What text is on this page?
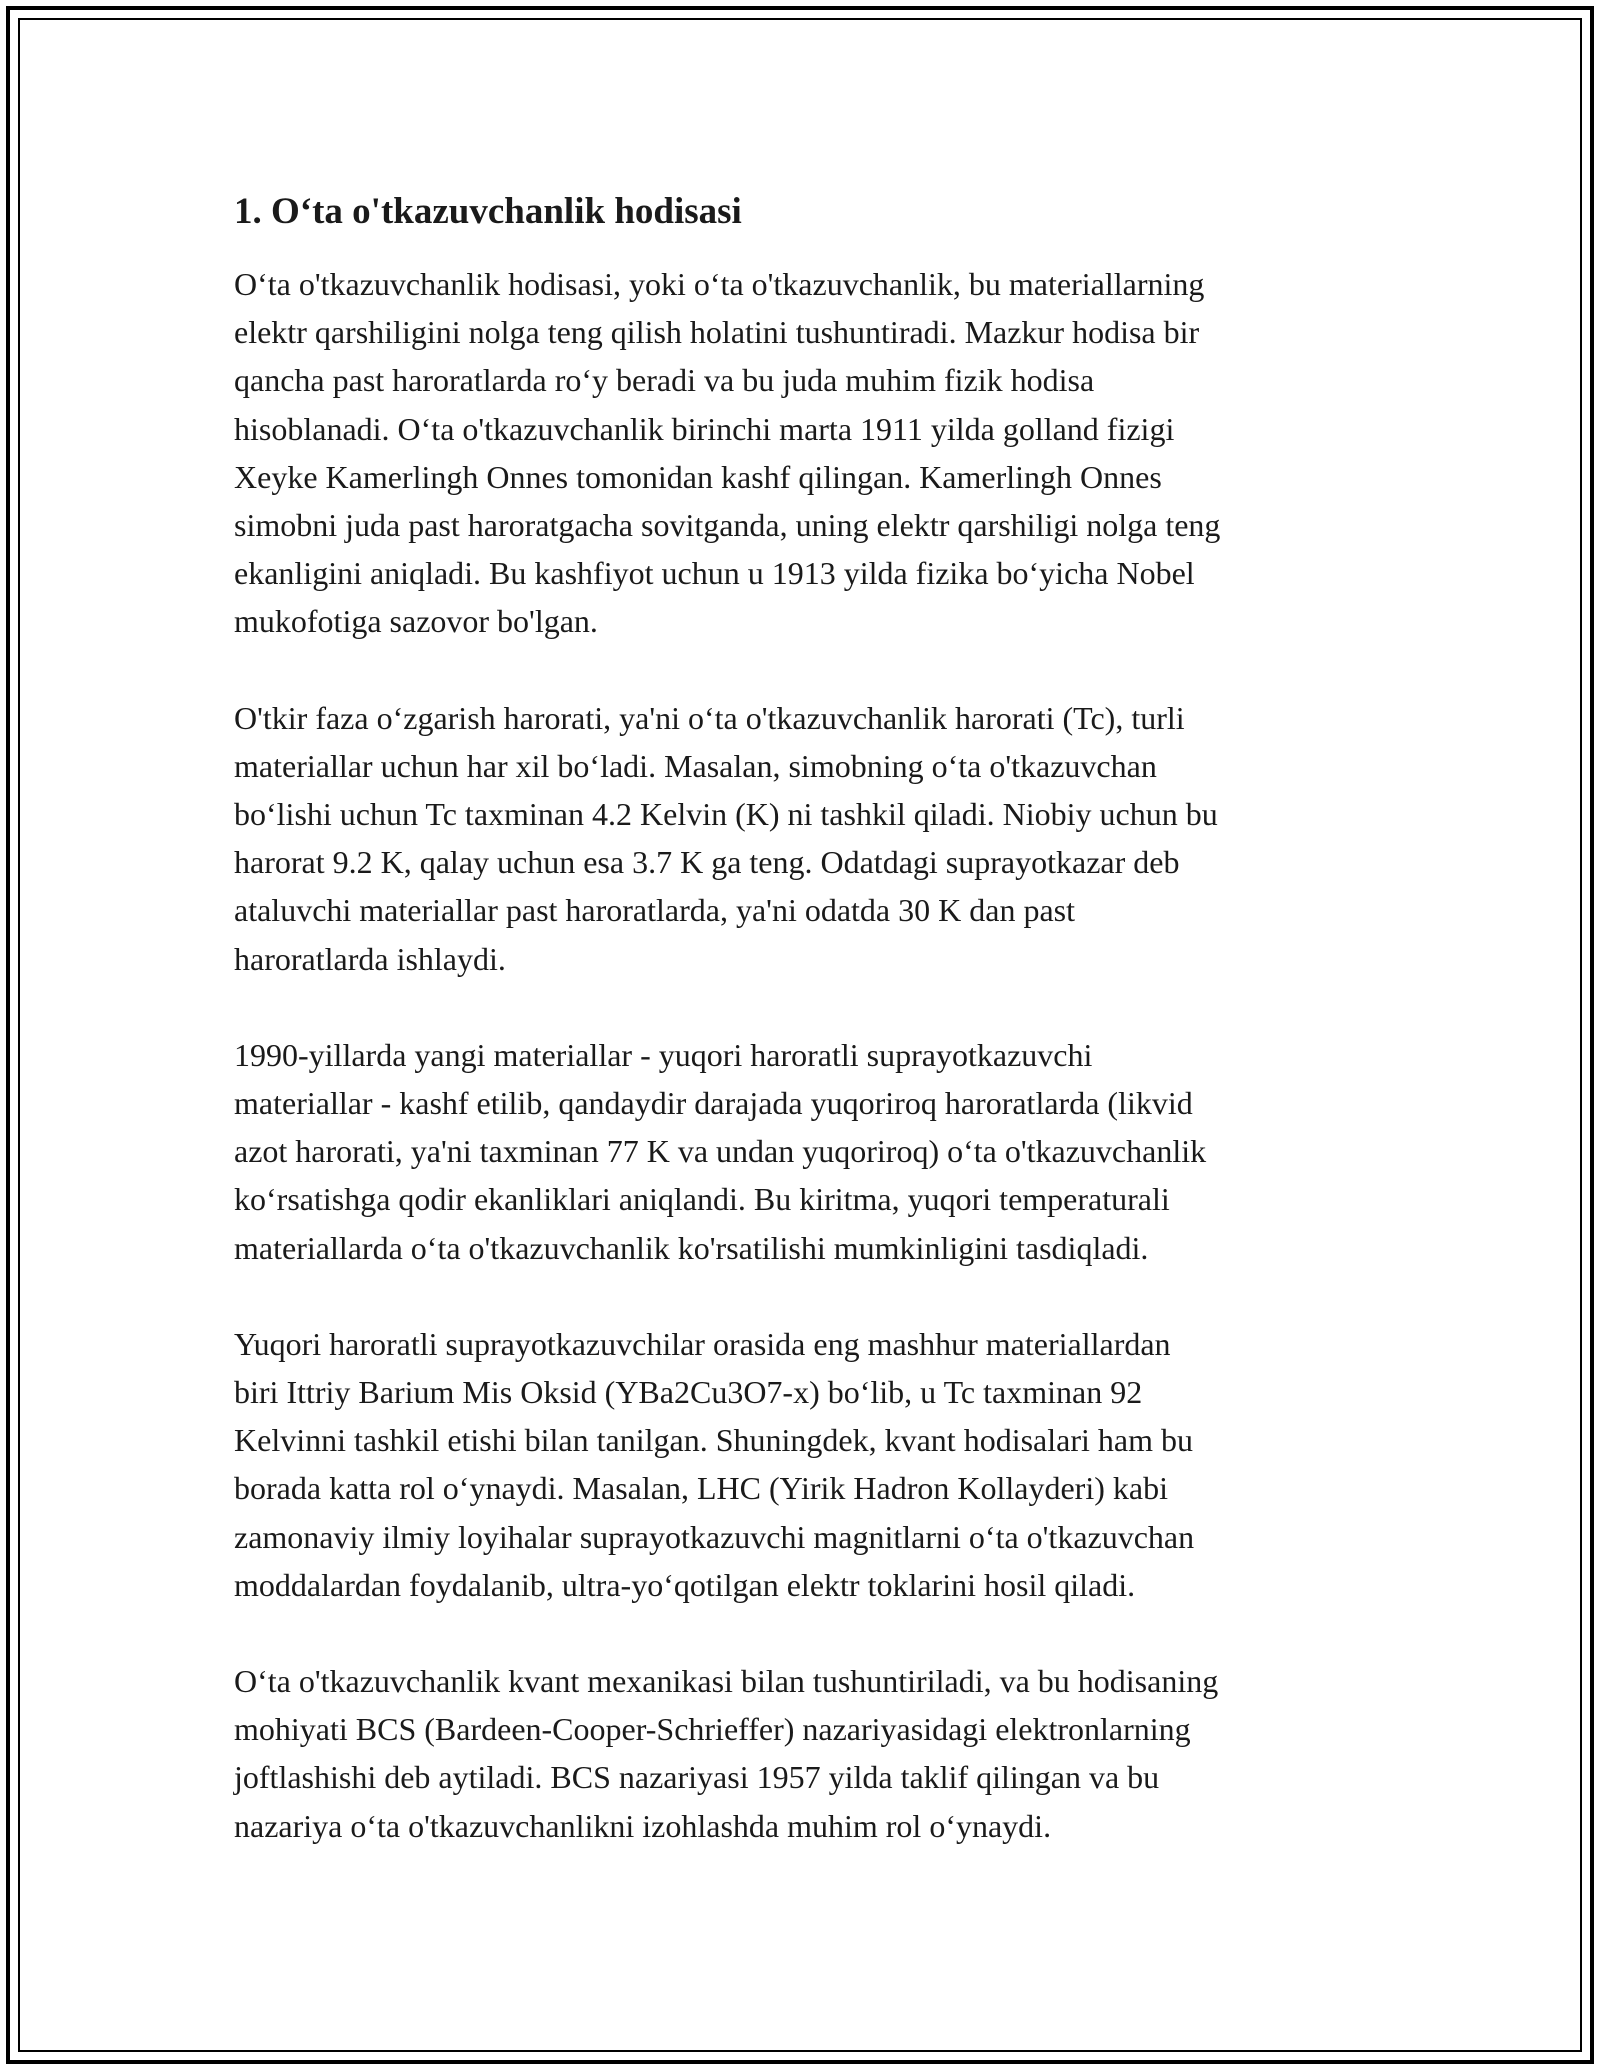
1. O‘ta o'tkazuvchanlik hodisasi

O‘ta o'tkazuvchanlik hodisasi, yoki o‘ta o'tkazuvchanlik, bu materiallarning
elektr qarshiligini nolga teng qilish holatini tushuntiradi. Mazkur hodisa bir
qancha past haroratlarda ro‘y beradi va bu juda muhim fizik hodisa
hisoblanadi. O‘ta o'tkazuvchanlik birinchi marta 1911 yilda golland fizigi
Xeyke Kamerlingh Onnes tomonidan kashf qilingan. Kamerlingh Onnes
simobni juda past haroratgacha sovitganda, uning elektr qarshiligi nolga teng
ekanligini aniqladi. Bu kashfiyot uchun u 1913 yilda fizika bo‘yicha Nobel
mukofotiga sazovor bo'lgan.

O'tkir faza o‘zgarish harorati, ya'ni o‘ta o'tkazuvchanlik harorati (Tc), turli
materiallar uchun har xil bo‘ladi. Masalan, simobning o‘ta o'tkazuvchan
bo‘lishi uchun Tc taxminan 4.2 Kelvin (K) ni tashkil qiladi. Niobiy uchun bu
harorat 9.2 K, qalay uchun esa 3.7 K ga teng. Odatdagi suprayotkazar deb
ataluvchi materiallar past haroratlarda, ya'ni odatda 30 K dan past
haroratlarda ishlaydi.

1990-yillarda yangi materiallar - yuqori haroratli suprayotkazuvchi
materiallar - kashf etilib, qandaydir darajada yuqoriroq haroratlarda (likvid
azot harorati, ya'ni taxminan 77 K va undan yuqoriroq) o‘ta o'tkazuvchanlik
ko‘rsatishga qodir ekanliklari aniqlandi. Bu kiritma, yuqori temperaturali
materiallarda o‘ta o'tkazuvchanlik ko'rsatilishi mumkinligini tasdiqladi.

Yuqori haroratli suprayotkazuvchilar orasida eng mashhur materiallardan
biri Ittriy Barium Mis Oksid (YBa2Cu3O7-x) bo‘lib, u Tc taxminan 92
Kelvinni tashkil etishi bilan tanilgan. Shuningdek, kvant hodisalari ham bu
borada katta rol o‘ynaydi. Masalan, LHC (Yirik Hadron Kollayderi) kabi
zamonaviy ilmiy loyihalar suprayotkazuvchi magnitlarni o‘ta o'tkazuvchan
moddalardan foydalanib, ultra-yo‘qotilgan elektr toklarini hosil qiladi.

O‘ta o'tkazuvchanlik kvant mexanikasi bilan tushuntiriladi, va bu hodisaning
mohiyati BCS (Bardeen-Cooper-Schrieffer) nazariyasidagi elektronlarning
joftlashishi deb aytiladi. BCS nazariyasi 1957 yilda taklif qilingan va bu
nazariya o‘ta o'tkazuvchanlikni izohlashda muhim rol o‘ynaydi.
